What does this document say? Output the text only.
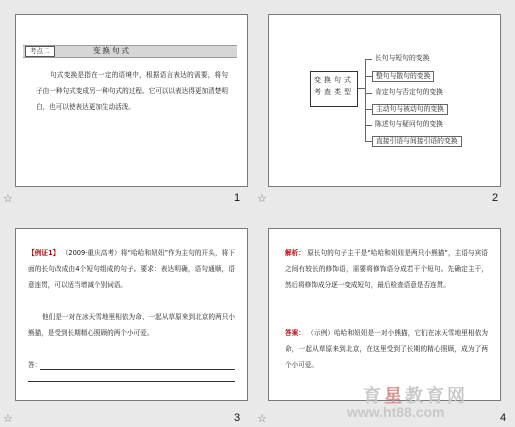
考点二	变换句式
句式变换是指在一定的语境中，根据语言表达的需要，将句子由一种句式变成另一种句式的过程。它可以以表达得更加清楚明白，也可以使表达更加生动活泼。
☆	1
变换句式考查类型
长句与短句的变换
整句与散句的变换
肯定句与否定句的变换
主动句与被动句的变换
陈述句与疑问句的变换
直接引语与间接引语的变换
☆	2
【例证1】 （2009·重庆高考）将“哈哈和妞妞”作为主句的开头，将下面的长句改成由4个短句组成的句子。要求：表达明确，语句通顺，语意连贯，可以适当增减个别词语。
他们是一对在冰天雪地里相依为命、一起从草原来到北京的两只小熊猫，是受到长期精心照顾的两个小可爱。
答：
☆	3
解析： 原长句的句子主干是“哈哈和妞妞是两只小熊猫”，主语与宾语之间有较长的修饰语，需要将修饰语分成若干个短句。先确定主干，然后将修饰成分逐一变成短句，最后检查语意是否连贯。
答案： （示例）哈哈和妞妞是一对小熊猫，它们在冰天雪地里相依为命，一起从草原来到北京，在这里受到了长期的精心照顾，成为了两个小可爱。
☆	4
育星教育网
www.ht88.com
